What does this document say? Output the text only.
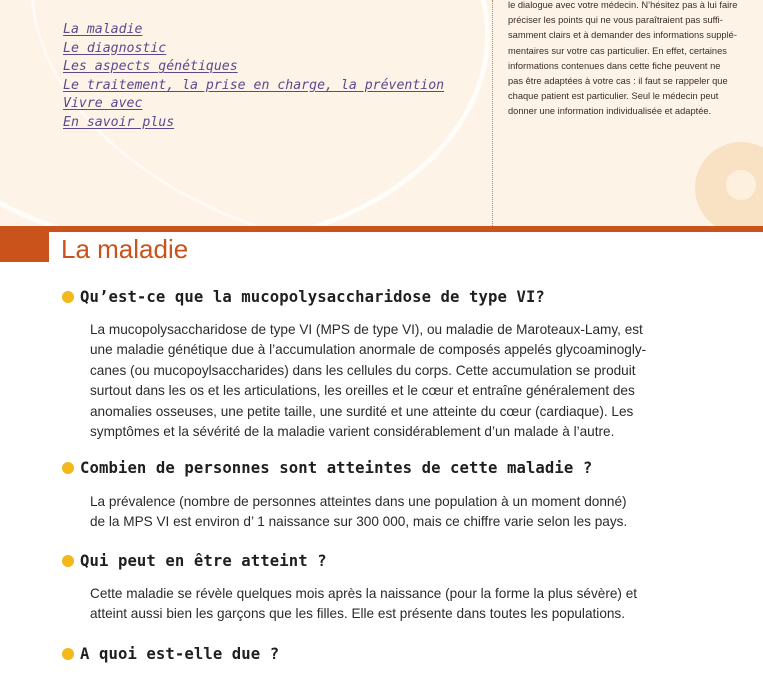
La maladie
Le diagnostic
Les aspects génétiques
Le traitement, la prise en charge, la prévention
Vivre avec
En savoir plus

le dialogue avec votre médecin. N’hésitez pas à lui faire
préciser les points qui ne vous paraîtraient pas suffi-
samment clairs et à demander des informations supplé-
mentaires sur votre cas particulier. En effet, certaines
informations contenues dans cette fiche peuvent ne
pas être adaptées à votre cas : il faut se rappeler que
chaque patient est particulier. Seul le médecin peut
donner une information individualisée et adaptée.

La maladie
Qu’est-ce que la mucopolysaccharidose de type VI?

La mucopolysaccharidose de type VI (MPS de type VI), ou maladie de Maroteaux-Lamy, est
une maladie génétique due à l’accumulation anormale de composés appelés glycoaminogly-
canes (ou mucopoylsaccharides) dans les cellules du corps. Cette accumulation se produit
surtout dans les os et les articulations, les oreilles et le cœur et entraîne généralement des
anomalies osseuses, une petite taille, une surdité et une atteinte du cœur (cardiaque). Les
symptômes et la sévérité de la maladie varient considérablement d’un malade à l’autre.

Combien de personnes sont atteintes de cette maladie ?

La prévalence (nombre de personnes atteintes dans une population à un moment donné)
de la MPS VI est environ d’ 1 naissance sur 300 000, mais ce chiffre varie selon les pays.

Qui peut en être atteint ?

Cette maladie se révèle quelques mois après la naissance (pour la forme la plus sévère) et
atteint aussi bien les garçons que les filles. Elle est présente dans toutes les populations.

A quoi est-elle due ?
